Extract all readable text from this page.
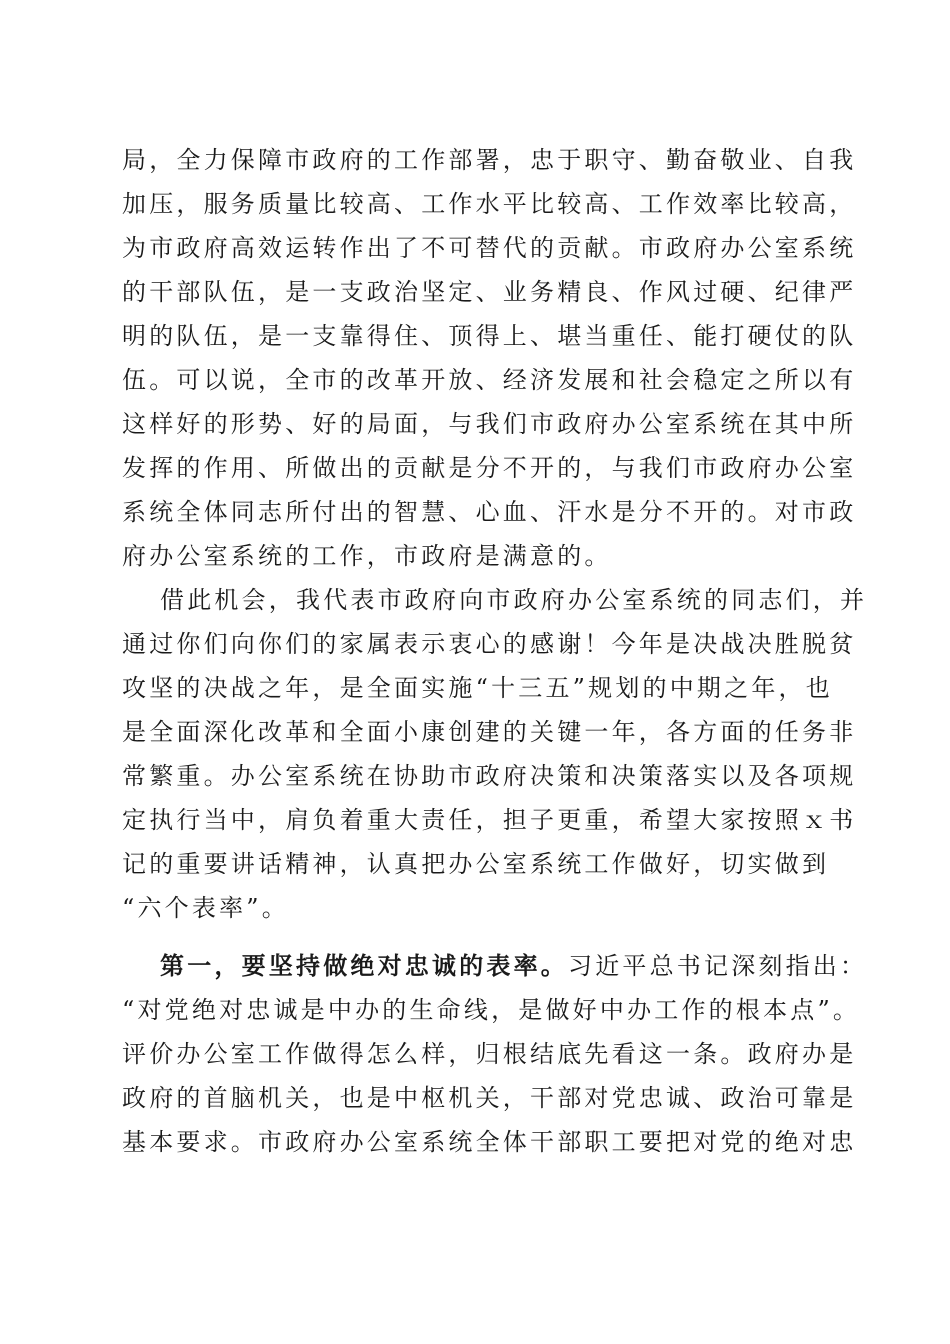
局，全力保障市政府的工作部署，忠于职守、勤奋敬业、自我
加压，服务质量比较高、工作水平比较高、工作效率比较高，
为市政府高效运转作出了不可替代的贡献。市政府办公室系统
的干部队伍，是一支政治坚定、业务精良、作风过硬、纪律严
明的队伍，是一支靠得住、顶得上、堪当重任、能打硬仗的队
伍。可以说，全市的改革开放、经济发展和社会稳定之所以有
这样好的形势、好的局面，与我们市政府办公室系统在其中所
发挥的作用、所做出的贡献是分不开的，与我们市政府办公室
系统全体同志所付出的智慧、心血、汗水是分不开的。对市政
府办公室系统的工作，市政府是满意的。
借此机会，我代表市政府向市政府办公室系统的同志们，并
通过你们向你们的家属表示衷心的感谢！今年是决战决胜脱贫
攻坚的决战之年，是全面实施“十三五”规划的中期之年，也
是全面深化改革和全面小康创建的关键一年，各方面的任务非
常繁重。办公室系统在协助市政府决策和决策落实以及各项规
定执行当中，肩负着重大责任，担子更重，希望大家按照ｘ书
记的重要讲话精神，认真把办公室系统工作做好，切实做到
“六个表率”。
第一，要坚持做绝对忠诚的表率。习近平总书记深刻指出：
“对党绝对忠诚是中办的生命线，是做好中办工作的根本点”。
评价办公室工作做得怎么样，归根结底先看这一条。政府办是
政府的首脑机关，也是中枢机关，干部对党忠诚、政治可靠是
基本要求。市政府办公室系统全体干部职工要把对党的绝对忠
